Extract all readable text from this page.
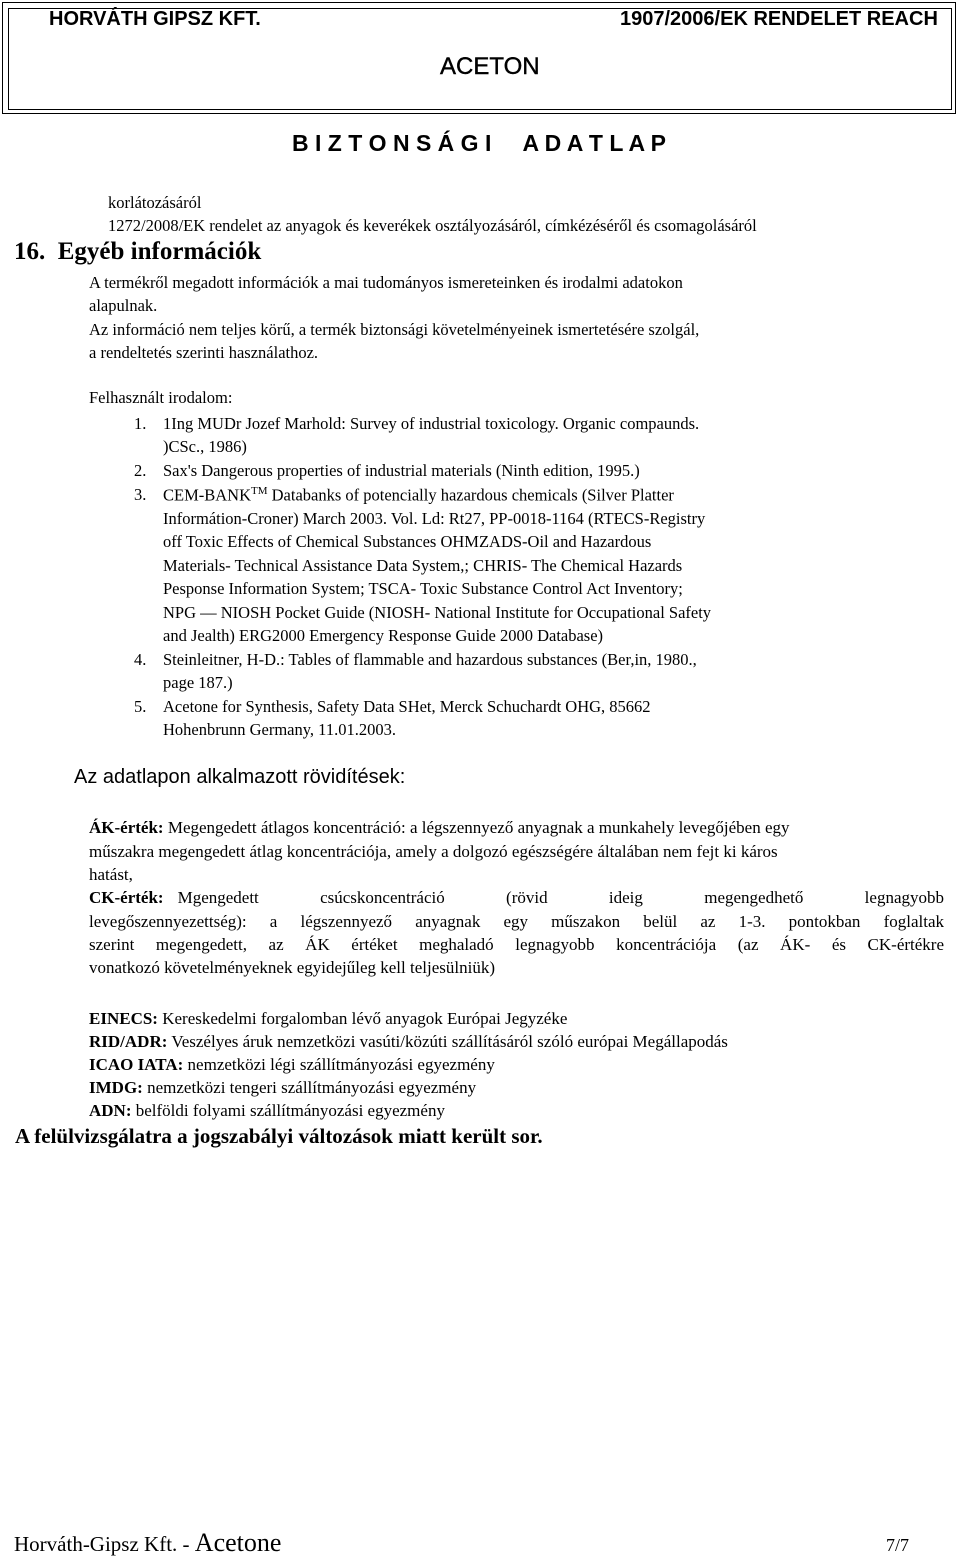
HORVÁTH GIPSZ KFT.	1907/2006/EK RENDELET REACH
ACETON
B I Z T O N S Á G I     A D A T L A P
korlátozásáról
1272/2008/EK rendelet az anyagok és keverékek osztályozásáról, címkézéséről és csomagolásáról
16.  Egyéb információk
A termékről megadott információk a mai tudományos ismereteinken és irodalmi adatokon
alapulnak.
Az információ nem teljes körű, a termék biztonsági követelményeinek ismertetésére szolgál,
a rendeltetés szerinti használathoz.
Felhasznált irodalom:
1.	1Ing MUDr Jozef Marhold: Survey of industrial toxicology. Organic compaunds.
)CSc., 1986)
2.	Sax's Dangerous properties of industrial materials (Ninth edition, 1995.)
3.	CEM-BANK™ Databanks of potencially hazardous chemicals (Silver Platter
Informátion-Croner) March 2003. Vol. Ld: Rt27, PP-0018-1164 (RTECS-Registry
off Toxic Effects of Chemical Substances OHMZADS-Oil and Hazardous
Materials- Technical Assistance Data System,; CHRIS- The Chemical Hazards
Pesponse Information System; TSCA- Toxic Substance Control Act Inventory;
NPG — NIOSH Pocket Guide (NIOSH- National Institute for Occupational Safety
and Jealth) ERG2000 Emergency Response Guide 2000 Database)
4.	Steinleitner, H-D.: Tables of flammable and hazardous substances (Ber,in, 1980.,
page 187.)
5.	Acetone for Synthesis, Safety Data SHet, Merck Schuchardt OHG, 85662
Hohenbrunn Germany, 11.01.2003.
Az adatlapon alkalmazott rövidítések:
ÁK-érték: Megengedett átlagos koncentráció: a légszennyező anyagnak a munkahely levegőjében egy
műszakra megengedett átlag koncentrációja, amely a dolgozó egészségére általában nem fejt ki káros
hatást,
CK-érték: Mgengedett csúcskoncentráció (rövid ideig megengedhető legnagyobb
levegőszennyezettség): a légszennyező anyagnak egy műszakon belül az 1-3. pontokban foglaltak
szerint megengedett, az ÁK értéket meghaladó legnagyobb koncentrációja (az ÁK- és CK-értékre
vonatkozó követelményeknek egyidejűleg kell teljesülniük)
EINECS: Kereskedelmi forgalomban lévő anyagok Európai Jegyzéke
RID/ADR: Veszélyes áruk nemzetközi vasúti/közúti szállításáról szóló európai Megállapodás
ICAO IATA: nemzetközi légi szállítmányozási egyezmény
IMDG: nemzetközi tengeri szállítmányozási egyezmény
ADN: belföldi folyami szállítmányozási egyezmény
A felülvizsgálatra a jogszabályi változások miatt került sor.
Horváth-Gipsz Kft. - Acetone	7/7
